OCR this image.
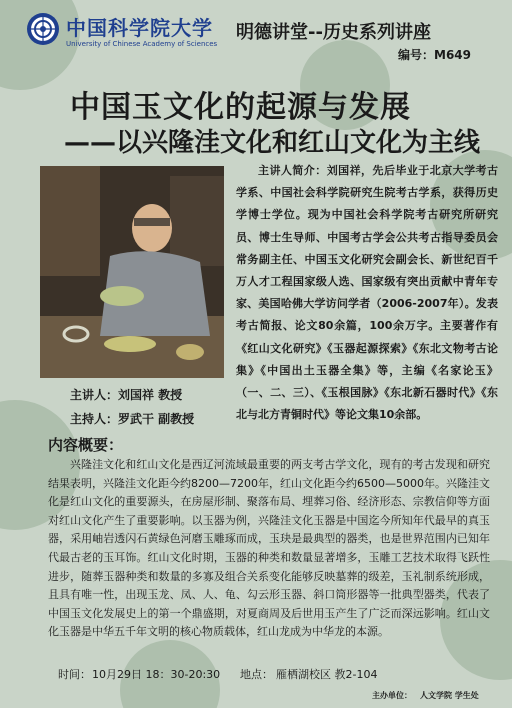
中国科学院大学
University of Chinese Academy of Sciences
明德讲堂--历史系列讲座
编号：M649
中国玉文化的起源与发展
——以兴隆洼文化和红山文化为主线

主讲人简介：刘国祥，先后毕业于北京大学考古学系、中国社会科学院研究生院考古学系，获得历史学博士学位。现为中国社会科学院考古研究所研究员、博士生导师、中国考古学会公共考古指导委员会常务副主任、中国玉文化研究会副会长、新世纪百千万人才工程国家级人选、国家级有突出贡献中青年专家、美国哈佛大学访问学者（2006-2007年）。发表考古简报、论文80余篇，100余万字。主要著作有《红山文化研究》《玉器起源探索》《东北文物考古论集》《中国出土玉器全集》等，主编《名家论玉》（一、二、三）、《玉根国脉》《东北新石器时代》《东北与北方青铜时代》等论文集10余部。

主讲人： 刘国祥 教授
主持人： 罗武干 副教授
内容概要：

兴隆洼文化和红山文化是西辽河流域最重要的两支考古学文化，现有的考古发现和研究结果表明，兴隆洼文化距今约8200—7200年，红山文化距今约6500—5000年。兴隆洼文化是红山文化的重要源头，在房屋形制、聚落布局、埋葬习俗、经济形态、宗教信仰等方面对红山文化产生了重要影响。以玉器为例，兴隆洼文化玉器是中国迄今所知年代最早的真玉器，采用岫岩透闪石黄绿色河磨玉雕琢而成，玉玦是最典型的器类，也是世界范围内已知年代最古老的玉耳饰。红山文化时期，玉器的种类和数量显著增多，玉雕工艺技术取得飞跃性进步，随葬玉器种类和数量的多寡及组合关系变化能够反映墓葬的级差，玉礼制系统形成，且具有唯一性，出现玉龙、凤、人、龟、勾云形玉器、斜口筒形器等一批典型器类，代表了中国玉文化发展史上的第一个鼎盛期，对夏商周及后世用玉产生了广泛而深远影响。红山文化玉器是中华五千年文明的核心物质载体，红山龙成为中华龙的本源。

时间： 10月29日 18：30-20:30 地点： 雁栖湖校区 教2-104
主办单位： 人文学院 学生处
